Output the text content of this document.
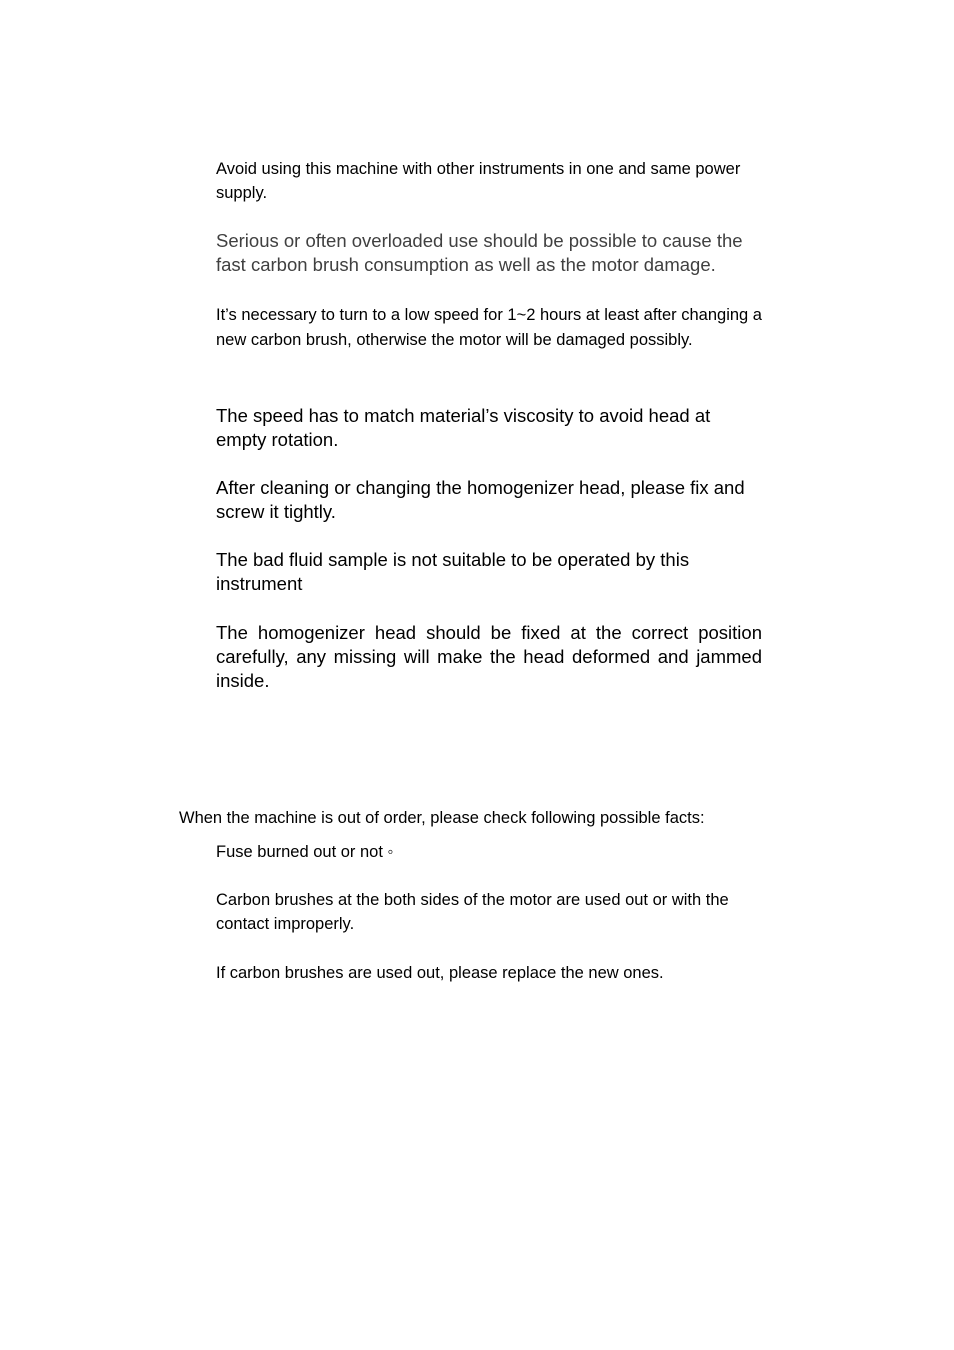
Avoid using this machine with other instruments in one and same power supply.

Serious or often overloaded use should be possible to cause the fast carbon brush consumption as well as the motor damage.

It’s necessary to turn to a low speed for 1~2 hours at least after changing a new carbon brush, otherwise the motor will be damaged possibly.

The speed has to match material’s viscosity to avoid head at empty rotation.

After cleaning or changing the homogenizer head, please fix and screw it tightly.

The bad fluid sample is not suitable to be operated by this instrument

The homogenizer head should be fixed at the correct position carefully, any missing will make the head deformed and jammed inside.

When the machine is out of order, please check following possible facts:

Fuse burned out or not ◦

Carbon brushes at the both sides of the motor are used out or with the contact improperly.

If carbon brushes are used out, please replace the new ones.
